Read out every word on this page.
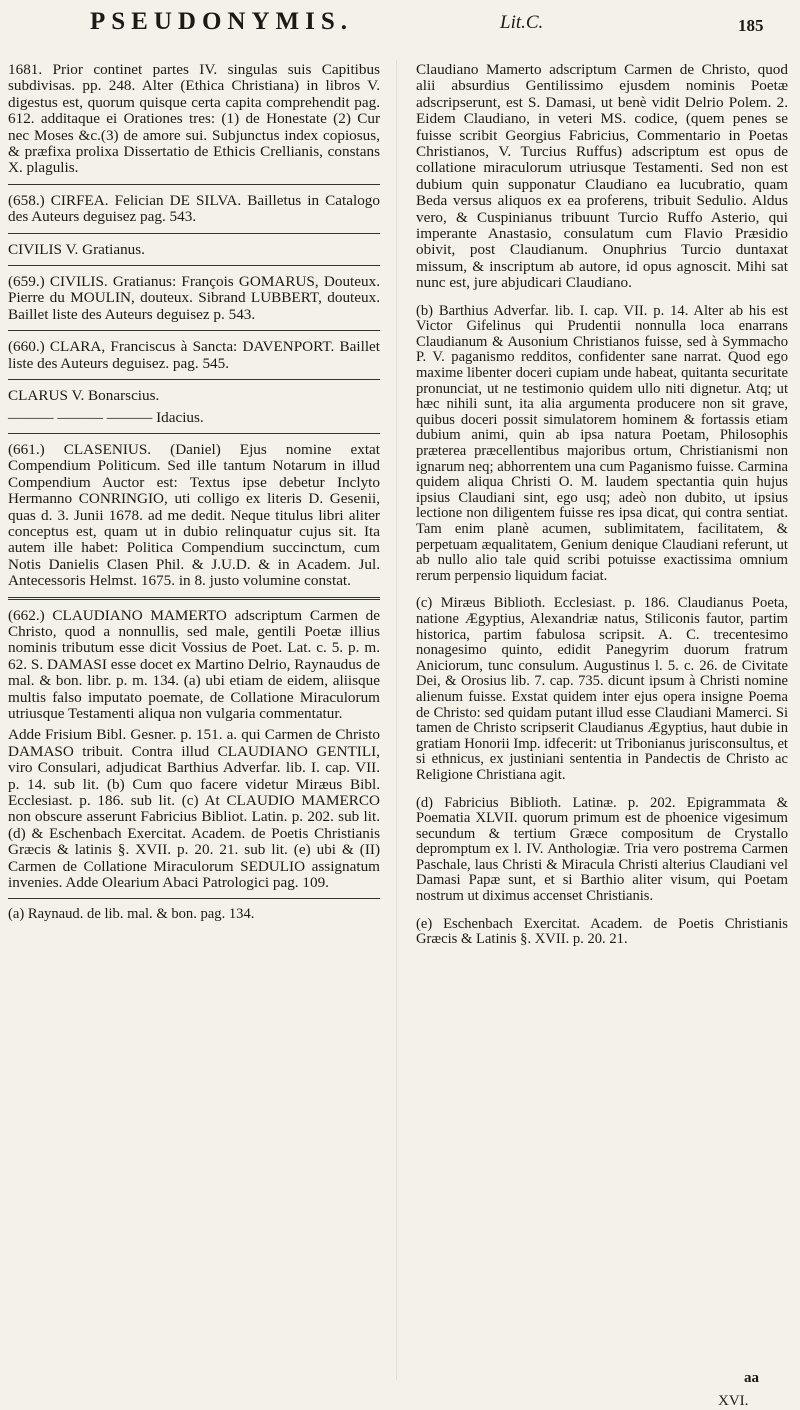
PSEUDONYMIS.	Lit.C.	185

1681. Prior continet partes IV. singulas suis Capitibus subdivisas. pp. 248. Alter (Ethica Christiana) in libros V. digestus est, quorum quisque certa capita comprehendit pag. 612. additaque ei Orationes tres: (1) de Honestate (2) Cur nec Moses &c.(3) de amore sui. Subjunctus index copiosus, & præfixa prolixa Dissertatio de Ethicis Crellianis, constans X. plagulis.

(658.) CIRFEA. Felician DE SILVA. Bailletus in Catalogo des Auteurs deguisez pag. 543.

CIVILIS V. Gratianus.

(659.) CIVILIS. Gratianus: François GOMARUS, Douteux. Pierre du MOULIN, douteux. Sibrand LUBBERT, douteux. Baillet liste des Auteurs deguisez p. 543.

(660.) CLARA, Franciscus à Sancta: DAVENPORT. Baillet liste des Auteurs deguisez. pag. 545.

CLARUS V. Bonarscius.

——— ——— ——— Idacius.

(661.) CLASENIUS. (Daniel) Ejus nomine extat Compendium Politicum. Sed ille tantum Notarum in illud Compendium Auctor est: Textus ipse debetur Inclyto Hermanno CONRINGIO, uti colligo ex literis D. Gesenii, quas d. 3. Junii 1678. ad me dedit. Neque titulus libri aliter conceptus est, quam ut in dubio relinquatur cujus sit. Ita autem ille habet: Politica Compendium succinctum, cum Notis Danielis Clasen Phil. & J.U.D. & in Academ. Jul. Antecessoris Helmst. 1675. in 8. justo volumine constat.

(662.) CLAUDIANO MAMERTO adscriptum Carmen de Christo, quod a nonnullis, sed male, gentili Poetæ illius nominis tributum esse dicit Vossius de Poet. Lat. c. 5. p. m. 62. S. DAMASI esse docet ex Martino Delrio, Raynaudus de mal. & bon. libr. p. m. 134. (a) ubi etiam de eidem, aliisque multis falso imputato poemate, de Collatione Miraculorum utriusque Testamenti aliqua non vulgaria commentatur.

Adde Frisium Bibl. Gesner. p. 151. a. qui Carmen de Christo DAMASO tribuit. Contra illud CLAUDIANO GENTILI, viro Consulari, adjudicat Barthius Adverfar. lib. I. cap. VII. p. 14. sub lit. (b) Cum quo facere videtur Miræus Bibl. Ecclesiast. p. 186. sub lit. (c) At CLAUDIO MAMERCO non obscure asserunt Fabricius Bibliot. Latin. p. 202. sub lit. (d) & Eschenbach Exercitat. Academ. de Poetis Christianis Græcis & latinis §. XVII. p. 20. 21. sub lit. (e) ubi & (II) Carmen de Collatione Miraculorum SEDULIO assignatum invenies. Adde Olearium Abaci Patrologici pag. 109.

(a) Raynaud. de lib. mal. & bon. pag. 134.

Claudiano Mamerto adscriptum Carmen de Christo, quod alii absurdius Gentilissimo ejusdem nominis Poetæ adscripserunt, est S. Damasi, ut benè vidit Delrio Polem. 2. Eidem Claudiano, in veteri MS. codice, (quem penes se fuisse scribit Georgius Fabricius, Commentario in Poetas Christianos, V. Turcius Ruffus) adscriptum est opus de collatione miraculorum utriusque Testamenti. Sed non est dubium quin supponatur Claudiano ea lucubratio, quam Beda versus aliquos ex ea proferens, tribuit Sedulio. Aldus vero, & Cuspinianus tribuunt Turcio Ruffo Asterio, qui imperante Anastasio, consulatum cum Flavio Præsidio obivit, post Claudianum. Onuphrius Turcio duntaxat missum, & inscriptum ab autore, id opus agnoscit. Mihi sat nunc est, jure abjudicari Claudiano.

(b) Barthius Adverfar. lib. I. cap. VII. p. 14. Alter ab his est Victor Gifelinus qui Prudentii nonnulla loca enarrans Claudianum & Ausonium Christianos fuisse, sed à Symmacho P. V. paganismo redditos, confidenter sane narrat. Quod ego maxime libenter doceri cupiam unde habeat, quitanta securitate pronunciat, ut ne testimonio quidem ullo niti dignetur. Atq; ut hæc nihili sunt, ita alia argumenta producere non sit grave, quibus doceri possit simulatorem hominem & fortassis etiam dubium animi, quin ab ipsa natura Poetam, Philosophis præterea præcellentibus majoribus ortum, Christianismi non ignarum neq; abhorrentem una cum Paganismo fuisse. Carmina quidem aliqua Christi O. M. laudem spectantia quin hujus ipsius Claudiani sint, ego usq; adeò non dubito, ut ipsius lectione non diligentem fuisse res ipsa dicat, qui contra sentiat. Tam enim planè acumen, sublimitatem, facilitatem, & perpetuam æqualitatem, Genium denique Claudiani referunt, ut ab nullo alio tale quid scribi potuisse exactissima omnium rerum perpensio liquidum faciat.

(c) Miræus Biblioth. Ecclesiast. p. 186. Claudianus Poeta, natione Ægyptius, Alexandriæ natus, Stiliconis fautor, partim historica, partim fabulosa scripsit. A. C. trecentesimo nonagesimo quinto, edidit Panegyrim duorum fratrum Aniciorum, tunc consulum. Augustinus l. 5. c. 26. de Civitate Dei, & Orosius lib. 7. cap. 735. dicunt ipsum à Christi nomine alienum fuisse. Exstat quidem inter ejus opera insigne Poema de Christo: sed quidam putant illud esse Claudiani Mamerci. Si tamen de Christo scripserit Claudianus Ægyptius, haut dubie in gratiam Honorii Imp. idfecerit: ut Tribonianus jurisconsultus, et si ethnicus, ex justiniani sententia in Pandectis de Christo ac Religione Christiana agit.

(d) Fabricius Biblioth. Latinæ. p. 202. Epigrammata & Poematia XLVII. quorum primum est de phoenice vigesimum secundum & tertium Græce compositum de Crystallo depromptum ex l. IV. Anthologiæ. Tria vero postrema Carmen Paschale, laus Christi & Miracula Christi alterius Claudiani vel Damasi Papæ sunt, et si Barthio aliter visum, qui Poetam nostrum ut diximus accenset Christianis.

(e) Eschenbach Exercitat. Academ. de Poetis Christianis Græcis & Latinis §. XVII. p. 20. 21.

aa
XVI.
